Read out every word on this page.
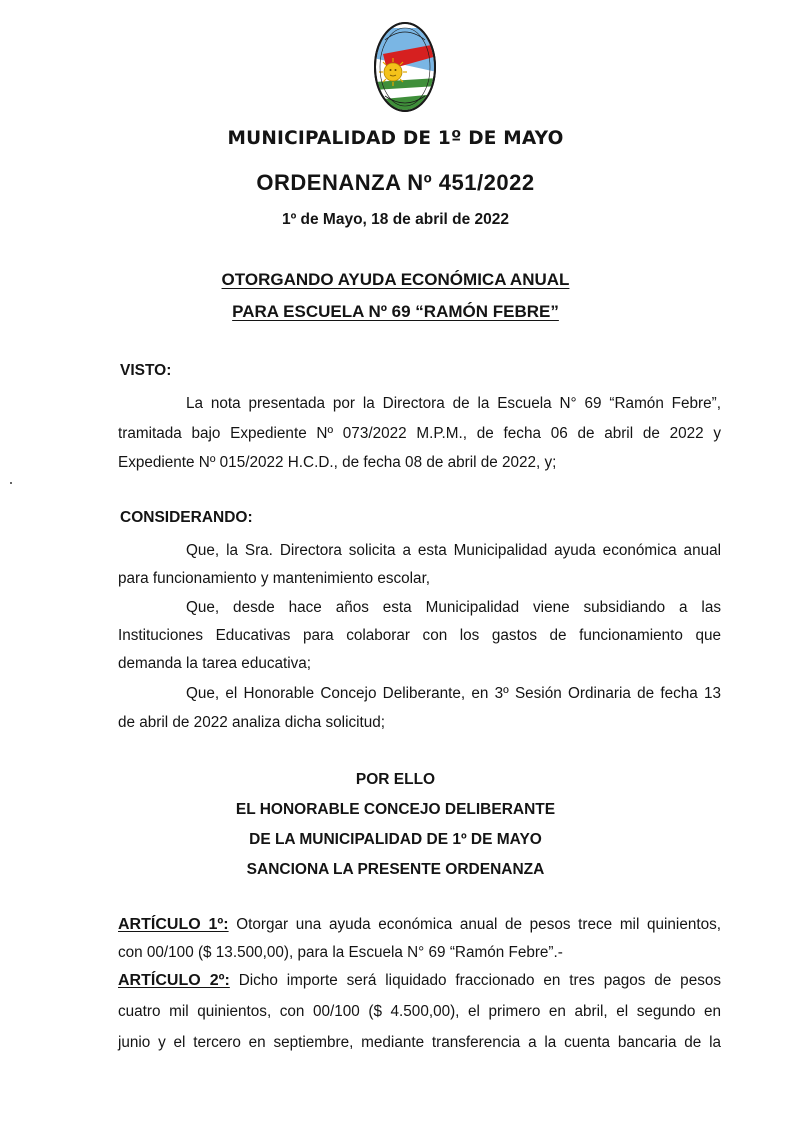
MUNICIPALIDAD DE 1º DE MAYO
ORDENANZA Nº 451/2022
1º de Mayo, 18 de abril de 2022
OTORGANDO AYUDA ECONÓMICA ANUAL
PARA ESCUELA Nº 69 “RAMÓN FEBRE”
VISTO:
La nota presentada por la Directora de la Escuela N° 69 “Ramón Febre”,
tramitada bajo Expediente Nº 073/2022 M.P.M., de fecha 06 de abril de 2022 y
Expediente Nº 015/2022 H.C.D., de fecha 08 de abril de 2022, y;
CONSIDERANDO:
Que, la Sra. Directora solicita a esta Municipalidad ayuda económica anual
para funcionamiento y mantenimiento escolar,
Que, desde hace años esta Municipalidad viene subsidiando a las
Instituciones Educativas para colaborar con los gastos de funcionamiento que
demanda la tarea educativa;
Que, el Honorable Concejo Deliberante, en 3º Sesión Ordinaria de fecha 13
de abril de 2022 analiza dicha solicitud;
POR ELLO
EL HONORABLE CONCEJO DELIBERANTE
DE LA MUNICIPALIDAD DE 1º DE MAYO
SANCIONA LA PRESENTE ORDENANZA
ARTÍCULO 1º: Otorgar una ayuda económica anual de pesos trece mil quinientos,
con 00/100 ($ 13.500,00), para la Escuela N° 69 “Ramón Febre”.-
ARTÍCULO 2º: Dicho importe será liquidado fraccionado en tres pagos de pesos
cuatro mil quinientos, con 00/100 ($ 4.500,00), el primero en abril, el segundo en
junio y el tercero en septiembre, mediante transferencia a la cuenta bancaria de la
